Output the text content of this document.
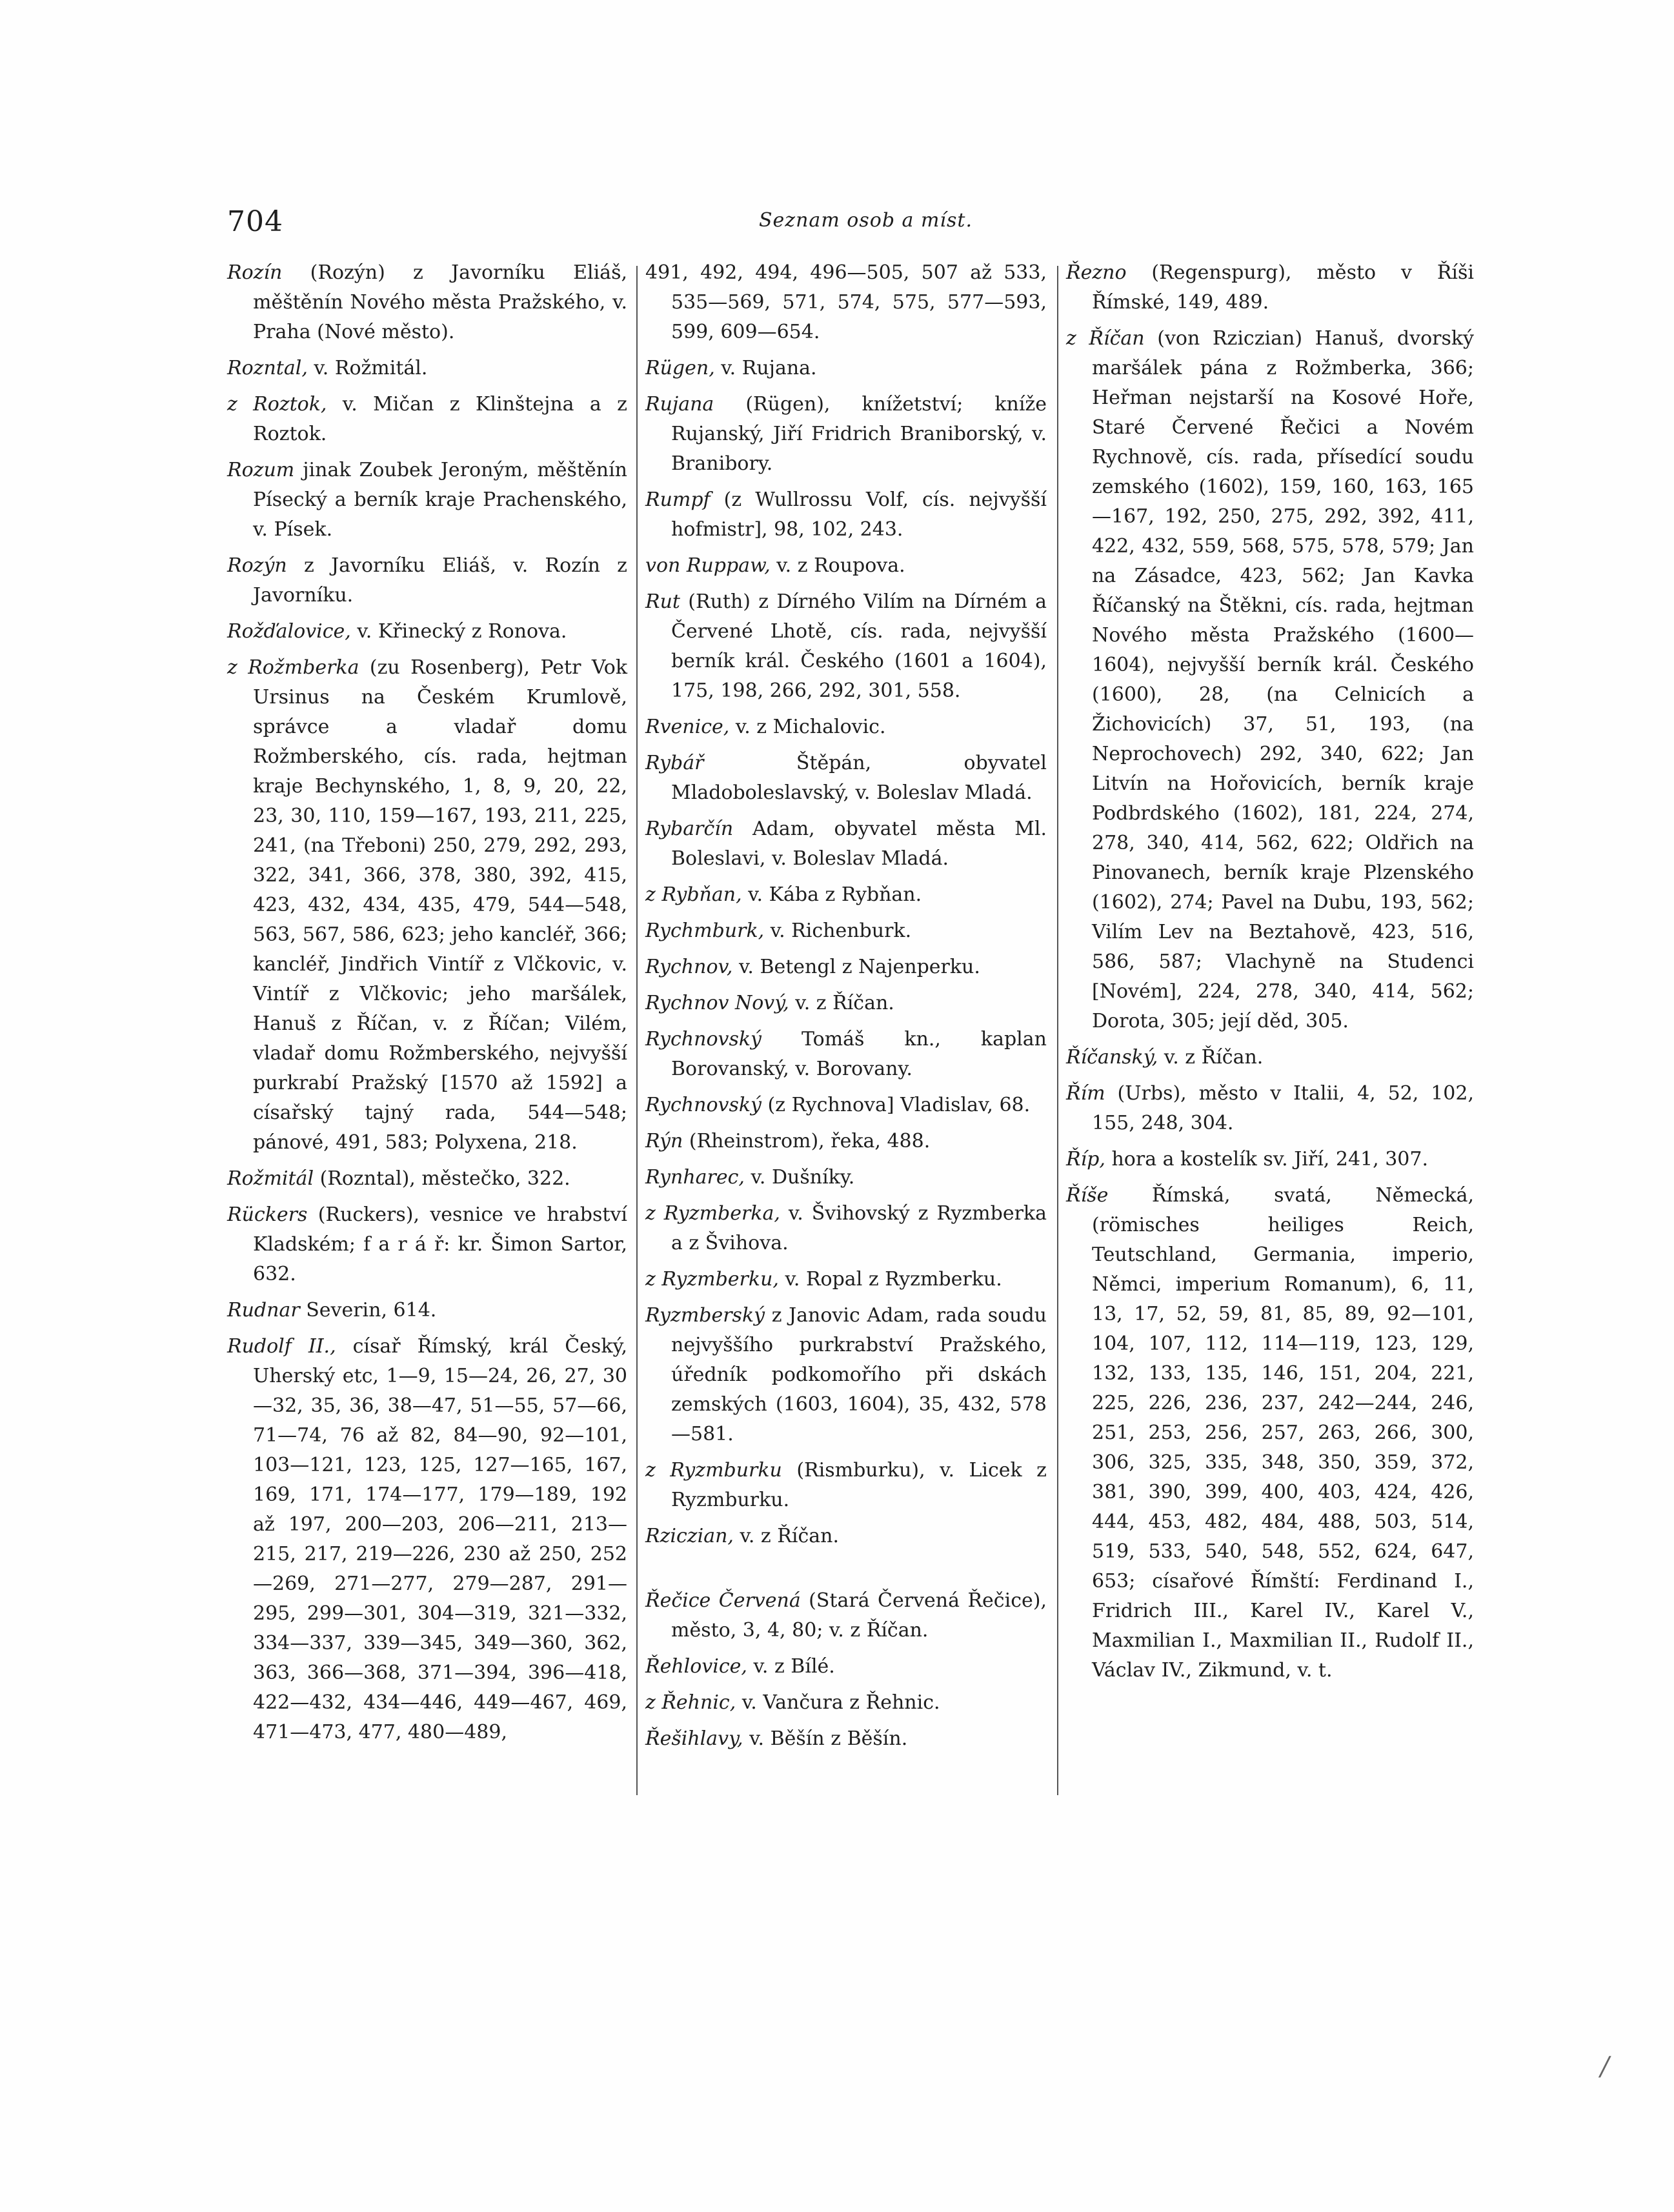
704	Seznam osob a míst.

Rozín (Rozýn) z Javorníku Eliáš, měštěnín Nového města Pražského, v. Praha (Nové město).

Rozntal, v. Rožmitál.

z Roztok, v. Mičan z Klinštejna a z Roztok.

Rozum jinak Zoubek Jeroným, měštěnín Písecký a berník kraje Prachenského, v. Písek.

Rozýn z Javorníku Eliáš, v. Rozín z Javorníku.

Rožďalovice, v. Křinecký z Ronova.

z Rožmberka (zu Rosenberg), Petr Vok Ursinus na Českém Krumlově, správce a vladař domu Rožmberského, cís. rada, hejtman kraje Bechynského, 1, 8, 9, 20, 22, 23, 30, 110, 159—167, 193, 211, 225, 241, (na Třeboni) 250, 279, 292, 293, 322, 341, 366, 378, 380, 392, 415, 423, 432, 434, 435, 479, 544—548, 563, 567, 586, 623; jeho kancléř, 366; kancléř, Jindřich Vintíř z Vlčkovic, v. Vintíř z Vlčkovic; jeho maršálek, Hanuš z Říčan, v. z Říčan; Vilém, vladař domu Rožmberského, nejvyšší purkrabí Pražský [1570 až 1592] a císařský tajný rada, 544—548; pánové, 491, 583; Polyxena, 218.

Rožmitál (Rozntal), městečko, 322.

Rückers (Ruckers), vesnice ve hrabství Kladském; f a r á ř: kr. Šimon Sartor, 632.

Rudnar Severin, 614.

Rudolf II., císař Římský, král Český, Uherský etc, 1—9, 15—24, 26, 27, 30—32, 35, 36, 38—47, 51—55, 57—66, 71—74, 76 až 82, 84—90, 92—101, 103—121, 123, 125, 127—165, 167, 169, 171, 174—177, 179—189, 192 až 197, 200—203, 206—211, 213—215, 217, 219—226, 230 až 250, 252—269, 271—277, 279—287, 291—295, 299—301, 304—319, 321—332, 334—337, 339—345, 349—360, 362, 363, 366—368, 371—394, 396—418, 422—432, 434—446, 449—467, 469, 471—473, 477, 480—489,

491, 492, 494, 496—505, 507 až 533, 535—569, 571, 574, 575, 577—593, 599, 609—654.

Rügen, v. Rujana.

Rujana (Rügen), knížetství; kníže Rujanský, Jiří Fridrich Braniborský, v. Branibory.

Rumpf (z Wullrossu Volf, cís. nejvyšší hofmistr], 98, 102, 243.

von Ruppaw, v. z Roupova.

Rut (Ruth) z Dírného Vilím na Dírném a Červené Lhotě, cís. rada, nejvyšší berník král. Českého (1601 a 1604), 175, 198, 266, 292, 301, 558.

Rvenice, v. z Michalovic.

Rybář Štěpán, obyvatel Mladoboleslavský, v. Boleslav Mladá.

Rybarčín Adam, obyvatel města Ml. Boleslavi, v. Boleslav Mladá.

z Rybňan, v. Kába z Rybňan.

Rychmburk, v. Richenburk.

Rychnov, v. Betengl z Najenperku.

Rychnov Nový, v. z Říčan.

Rychnovský Tomáš kn., kaplan Borovanský, v. Borovany.

Rychnovský (z Rychnova] Vladislav, 68.

Rýn (Rheinstrom), řeka, 488.

Rynharec, v. Dušníky.

z Ryzmberka, v. Švihovský z Ryzmberka a z Švihova.

z Ryzmberku, v. Ropal z Ryzmberku.

Ryzmberský z Janovic Adam, rada soudu nejvyššího purkrabství Pražského, úředník podkomořího při dskách zemských (1603, 1604), 35, 432, 578—581.

z Ryzmburku (Rismburku), v. Licek z Ryzmburku.

Rziczian, v. z Říčan.

Řečice Červená (Stará Červená Řečice), město, 3, 4, 80; v. z Říčan.

Řehlovice, v. z Bílé.

z Řehnic, v. Vančura z Řehnic.

Řešihlavy, v. Běšín z Běšín.

Řezno (Regenspurg), město v Říši Římské, 149, 489.

z Říčan (von Rziczian) Hanuš, dvorský maršálek pána z Rožmberka, 366; Heřman nejstarší na Kosové Hoře, Staré Červené Řečici a Novém Rychnově, cís. rada, přísedící soudu zemského (1602), 159, 160, 163, 165—167, 192, 250, 275, 292, 392, 411, 422, 432, 559, 568, 575, 578, 579; Jan na Zásadce, 423, 562; Jan Kavka Říčanský na Štěkni, cís. rada, hejtman Nového města Pražského (1600—1604), nejvyšší berník král. Českého (1600), 28, (na Celnicích a Žichovicích) 37, 51, 193, (na Neprochovech) 292, 340, 622; Jan Litvín na Hořovicích, berník kraje Podbrdského (1602), 181, 224, 274, 278, 340, 414, 562, 622; Oldřich na Pinovanech, berník kraje Plzenského (1602), 274; Pavel na Dubu, 193, 562; Vilím Lev na Beztahově, 423, 516, 586, 587; Vlachyně na Studenci [Novém], 224, 278, 340, 414, 562; Dorota, 305; její děd, 305.

Říčanský, v. z Říčan.

Řím (Urbs), město v Italii, 4, 52, 102, 155, 248, 304.

Říp, hora a kostelík sv. Jiří, 241, 307.

Říše Římská, svatá, Německá, (römisches heiliges Reich, Teutschland, Germania, imperio, Němci, imperium Romanum), 6, 11, 13, 17, 52, 59, 81, 85, 89, 92—101, 104, 107, 112, 114—119, 123, 129, 132, 133, 135, 146, 151, 204, 221, 225, 226, 236, 237, 242—244, 246, 251, 253, 256, 257, 263, 266, 300, 306, 325, 335, 348, 350, 359, 372, 381, 390, 399, 400, 403, 424, 426, 444, 453, 482, 484, 488, 503, 514, 519, 533, 540, 548, 552, 624, 647, 653; císařové Římští: Ferdinand I., Fridrich III., Karel IV., Karel V., Maxmilian I., Maxmilian II., Rudolf II., Václav IV., Zikmund, v. t.

/
